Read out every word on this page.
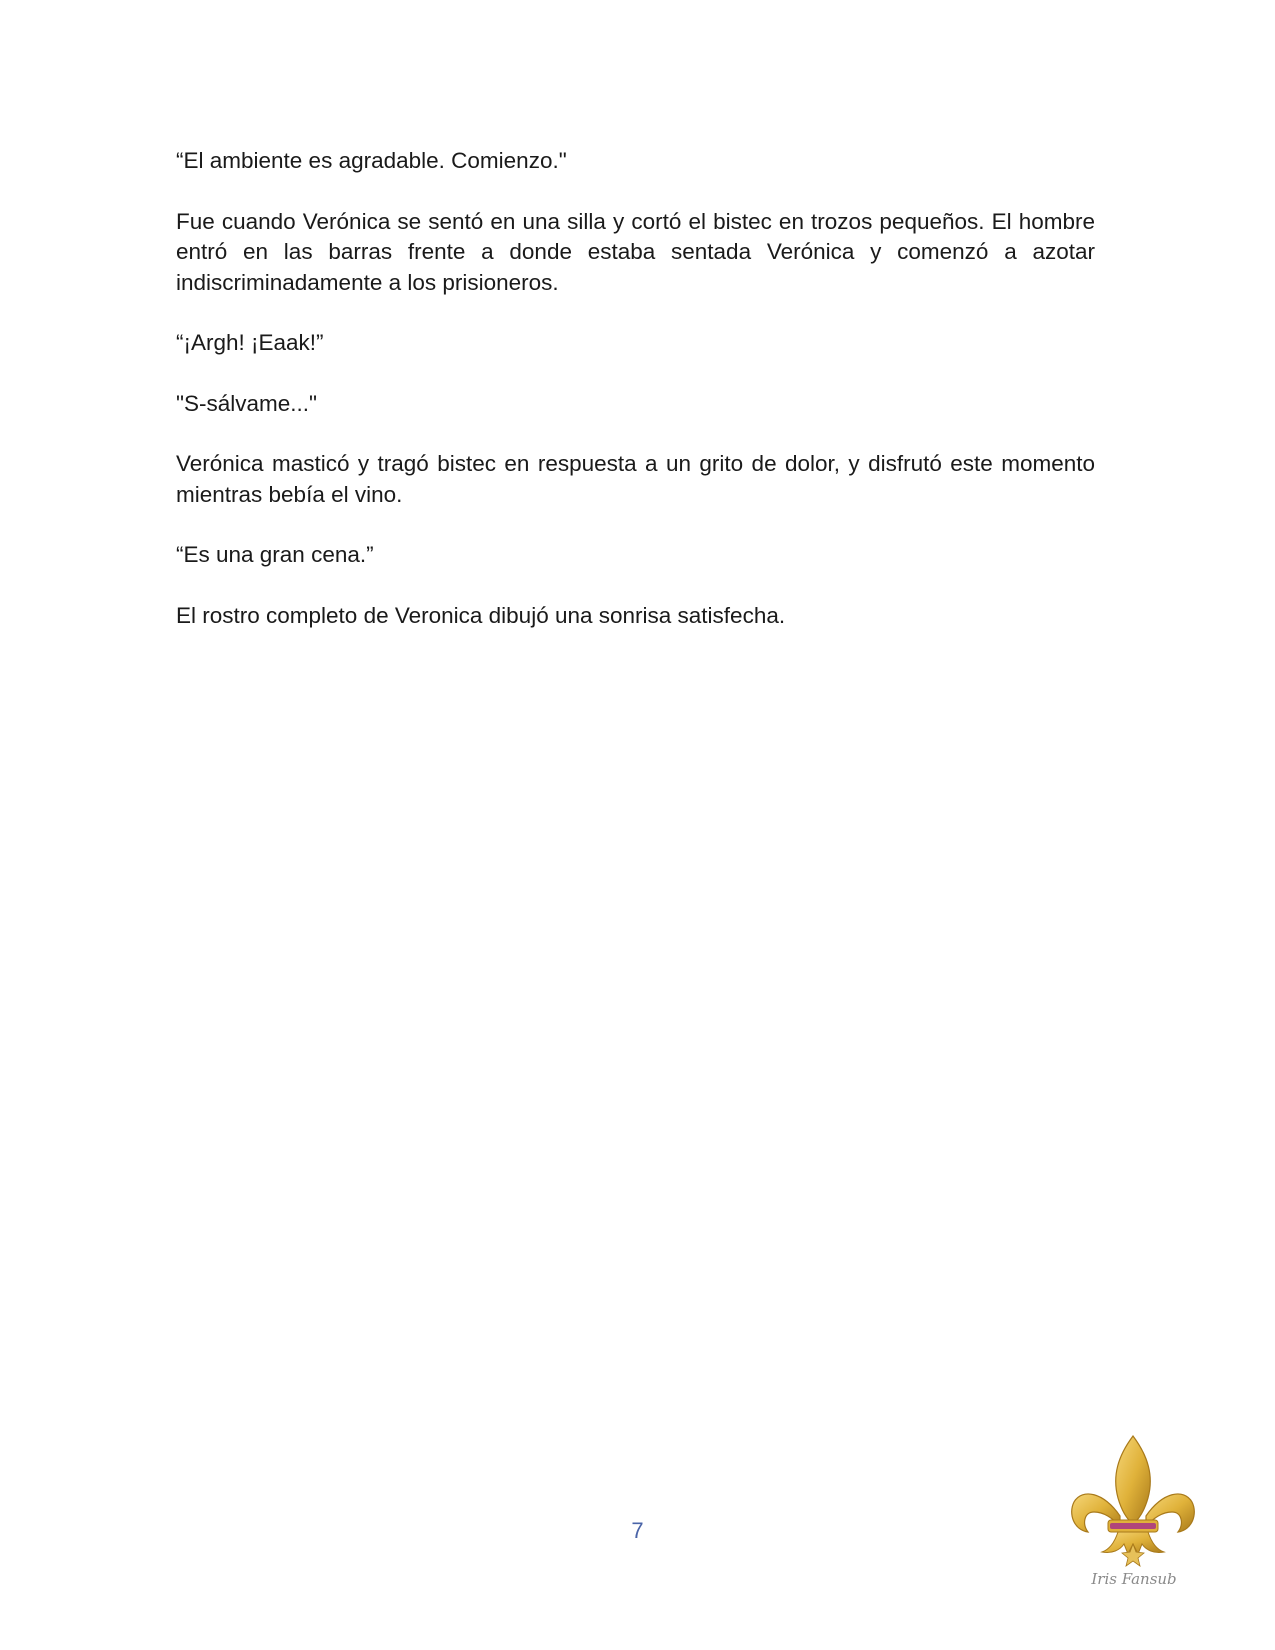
“El ambiente es agradable. Comienzo."

Fue cuando Verónica se sentó en una silla y cortó el bistec en trozos pequeños. El hombre entró en las barras frente a donde estaba sentada Verónica y comenzó a azotar indiscriminadamente a los prisioneros.

“¡Argh! ¡Eaak!”

"S-sálvame..."

Verónica masticó y tragó bistec en respuesta a un grito de dolor, y disfrutó este momento mientras bebía el vino.

“Es una gran cena.”

El rostro completo de Veronica dibujó una sonrisa satisfecha.

7
Iris Fansub
